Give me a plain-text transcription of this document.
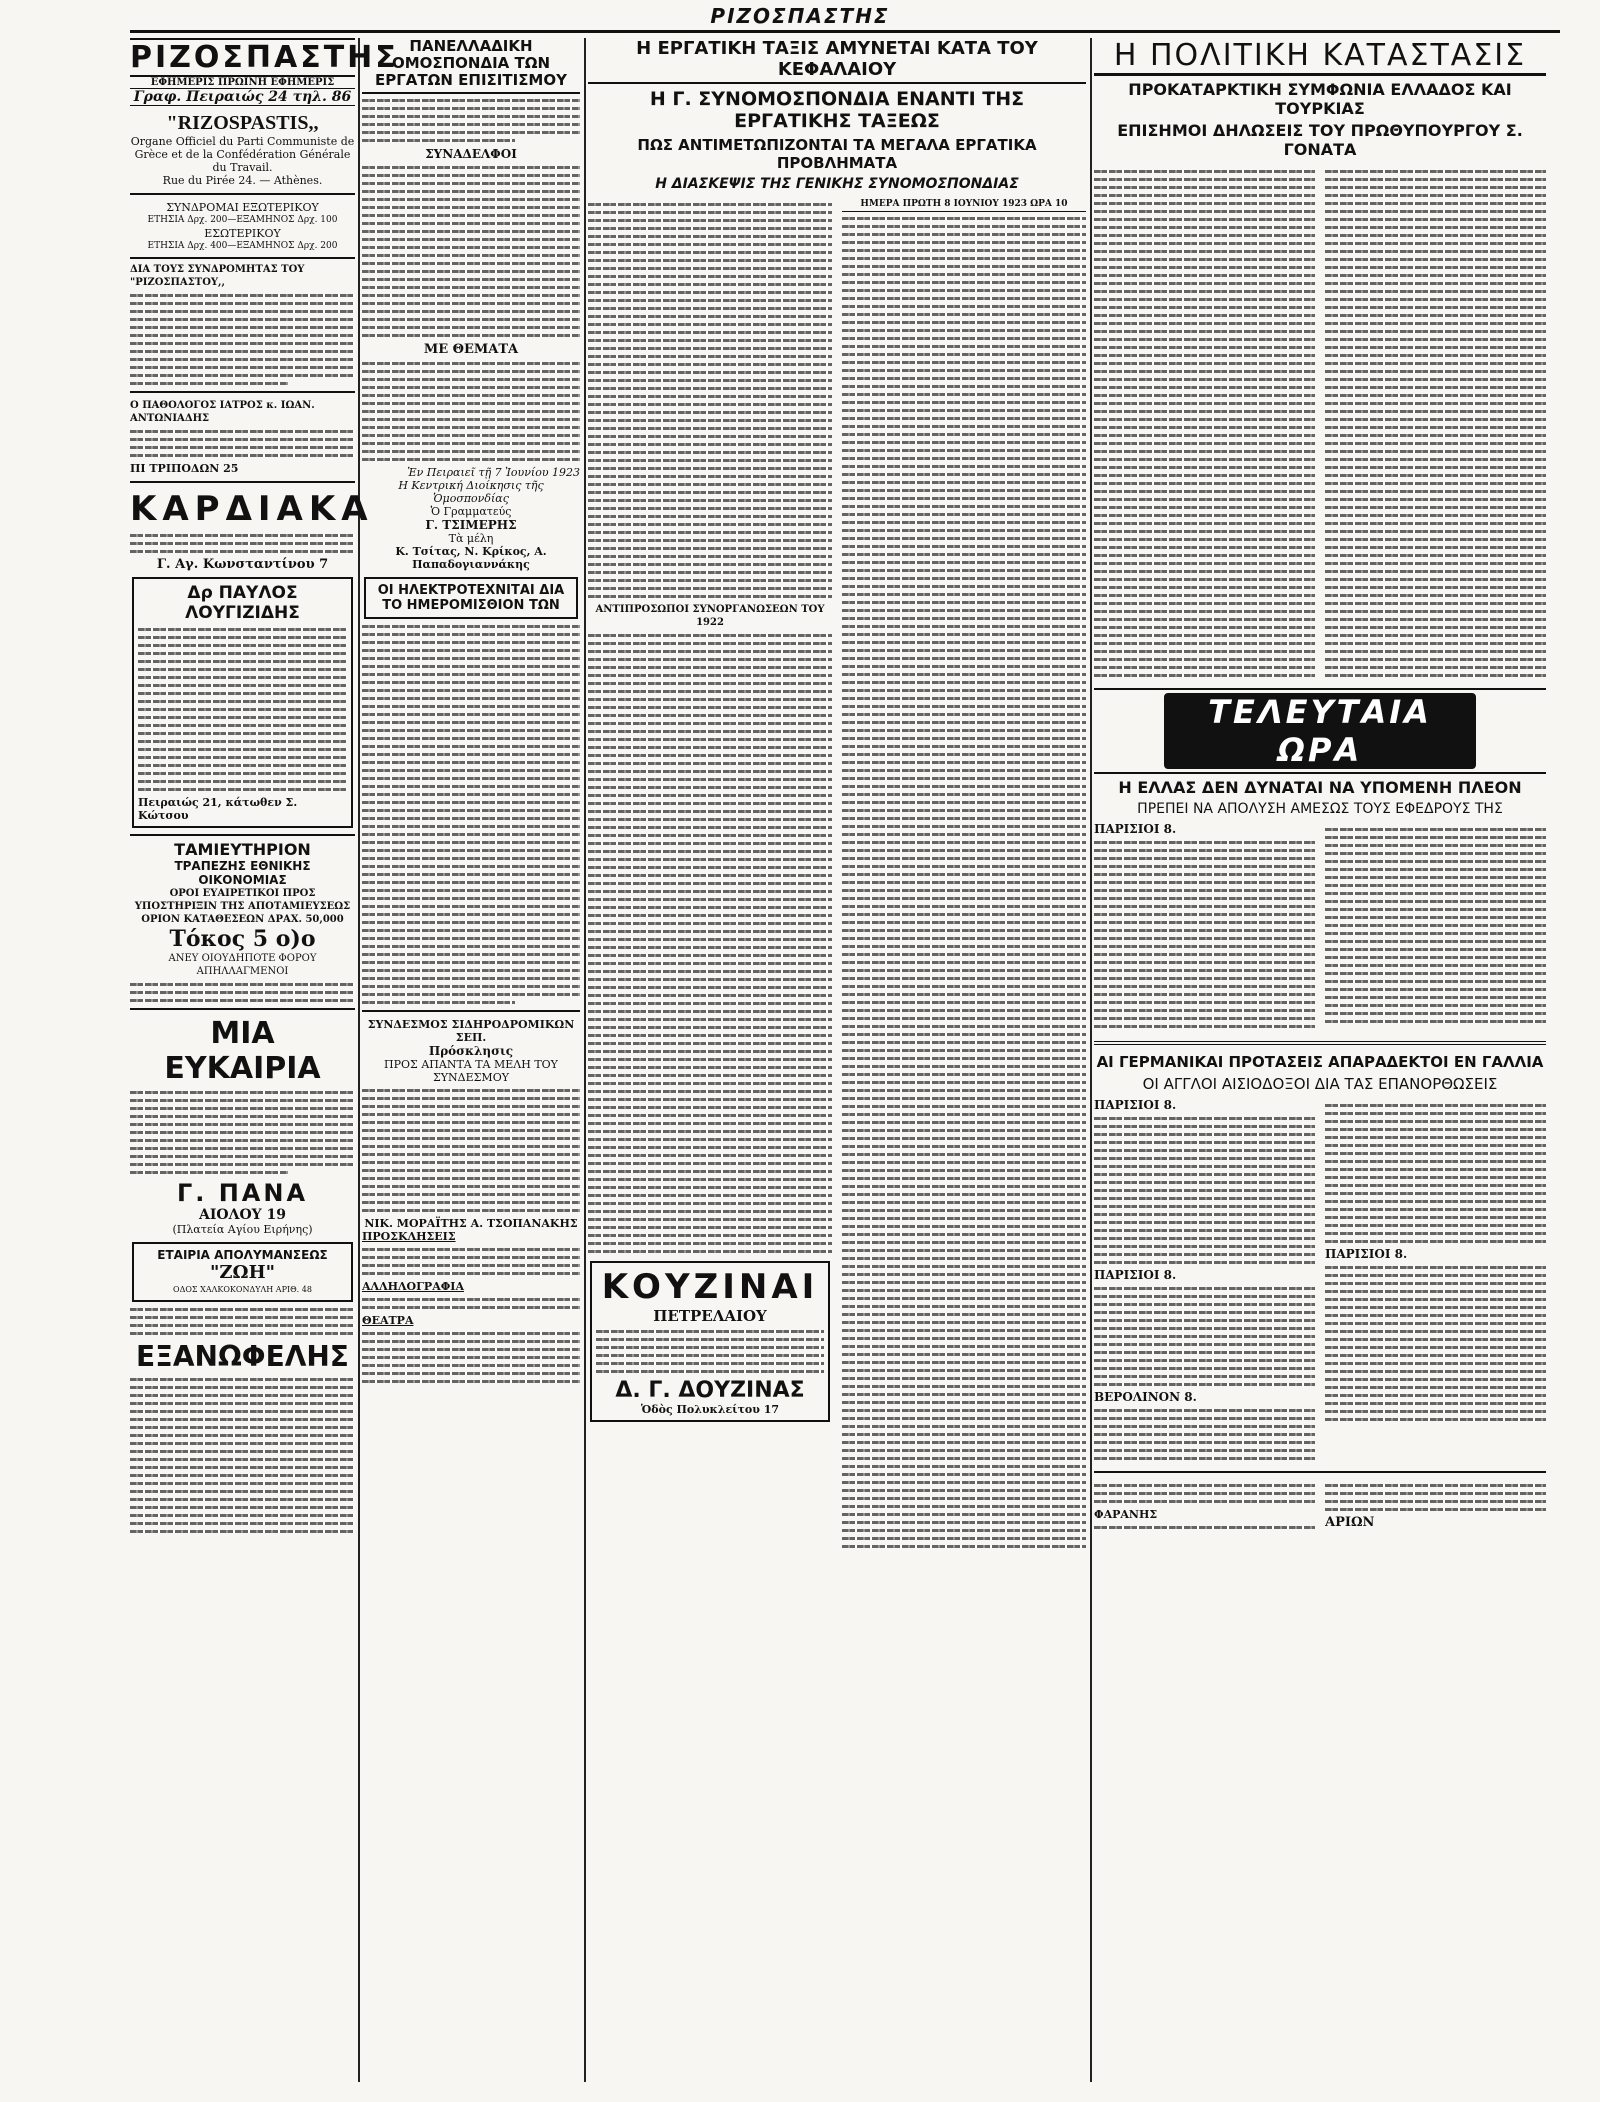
ΡΙΖΟΣΠΑΣΤΗΣ
ΡΙΖΟΣΠΑΣΤΗΣ
ΕΦΗΜΕΡΙΣ ΠΡΩΙΝΗ ΕΦΗΜΕΡΙΣ
Γραφ. Πειραιώς 24 τηλ. 86
"RIZOSPASTIS,,
Organe Officiel du Parti Communiste de Grèce et de la Confédération Générale du Travail.
Rue du Pirée 24. — Athènes.
ΣΥΝΔΡΟΜΑΙ ΕΞΩΤΕΡΙΚΟΥ
ΕΤΗΣΙΑ Δρχ. 200—ΕΞΑΜΗΝΟΣ Δρχ. 100
ΕΣΩΤΕΡΙΚΟΥ
ΕΤΗΣΙΑ Δρχ. 400—ΕΞΑΜΗΝΟΣ Δρχ. 200
ΔΙΑ ΤΟΥΣ ΣΥΝΔΡΟΜΗΤΑΣ ΤΟΥ "ΡΙΖΟΣΠΑΣΤΟΥ,,
Ο ΠΑΘΟΛΟΓΟΣ ΙΑΤΡΟΣ κ. ΙΩΑΝ. ΑΝΤΩΝΙΑΔΗΣ
ΠΙ ΤΡΙΠΟΔΩΝ 25
ΚΑΡΔΙΑΚΑ
Γ. Αγ. Κωνσταντίνου 7
Δρ ΠΑΥΛΟΣ ΛΟΥΓΙΖΙΔΗΣ
Πειραιώς 21, κάτωθεν Σ. Κώτσου
ΤΑΜΙΕΥΤΗΡΙΟΝ
ΤΡΑΠΕΖΗΣ ΕΘΝΙΚΗΣ ΟΙΚΟΝΟΜΙΑΣ
ΟΡΟΙ ΕΥΑΙΡΕΤΙΚΟΙ ΠΡΟΣ ΥΠΟΣΤΗΡΙΞΙΝ ΤΗΣ ΑΠΟΤΑΜΙΕΥΣΕΩΣ
ΟΡΙΟΝ ΚΑΤΑΘΕΣΕΩΝ ΔΡΑΧ. 50,000
Τόκος 5 ο)ο
ΑΝΕΥ ΟΙΟΥΔΗΠΟΤΕ ΦΟΡΟΥ ΑΠΗΛΛΑΓΜΕΝΟΙ
ΜΙΑ ΕΥΚΑΙΡΙΑ
Γ. ΠΑΝΑ
ΑΙΟΛΟΥ 19
(Πλατεία Αγίου Ειρήνης)
ΕΤΑΙΡΙΑ ΑΠΟΛΥΜΑΝΣΕΩΣ
"ΖΩΗ"
ΟΔΟΣ ΧΑΛΚΟΚΟΝΔΥΛΗ ΑΡΙΘ. 48
ΕΞΑΝΩΦΕΛΗΣ
ΠΑΝΕΛΛΑΔΙΚΗ ΟΜΟΣΠΟΝΔΙΑ ΤΩΝ ΕΡΓΑΤΩΝ ΕΠΙΣΙΤΙΣΜΟΥ
ΣΥΝΑΔΕΛΦΟΙ
ΜΕ ΘΕΜΑΤΑ
Ἐν Πειραιεῖ τῇ 7 Ἰουνίου 1923
Η Κεντρική Διοίκησις τῆς Ὁμοσπονδίας
Ὁ Γραμματεύς
Γ. ΤΣΙΜΕΡΗΣ
Τὰ μέλη
Κ. Τσίτας, Ν. Κρίκος, Α. Παπαδογιαννάκης
ΟΙ ΗΛΕΚΤΡΟΤΕΧΝΙΤΑΙ ΔΙΑ ΤΟ ΗΜΕΡΟΜΙΣΘΙΟΝ ΤΩΝ
ΣΥΝΔΕΣΜΟΣ ΣΙΔΗΡΟΔΡΟΜΙΚΩΝ ΣΕΠ.
Πρόσκλησις
ΠΡΟΣ ΑΠΑΝΤΑ ΤΑ ΜΕΛΗ ΤΟΥ ΣΥΝΔΕΣΜΟΥ
ΝΙΚ. ΜΟΡΑΪΤΗΣ Α. ΤΣΟΠΑΝΑΚΗΣ
ΠΡΟΣΚΛΗΣΕΙΣ
ΑΛΛΗΛΟΓΡΑΦΙΑ
ΘΕΑΤΡΑ
Η ΕΡΓΑΤΙΚΗ ΤΑΞΙΣ ΑΜΥΝΕΤΑΙ ΚΑΤΑ ΤΟΥ ΚΕΦΑΛΑΙΟΥ
Η Γ. ΣΥΝΟΜΟΣΠΟΝΔΙΑ ΕΝΑΝΤΙ ΤΗΣ ΕΡΓΑΤΙΚΗΣ ΤΑΞΕΩΣ
ΠΩΣ ΑΝΤΙΜΕΤΩΠΙΖΟΝΤΑΙ ΤΑ ΜΕΓΑΛΑ ΕΡΓΑΤΙΚΑ ΠΡΟΒΛΗΜΑΤΑ
Η ΔΙΑΣΚΕΨΙΣ ΤΗΣ ΓΕΝΙΚΗΣ ΣΥΝΟΜΟΣΠΟΝΔΙΑΣ
ΑΝΤΙΠΡΟΣΩΠΟΙ ΣΥΝΟΡΓΑΝΩΣΕΩΝ ΤΟΥ 1922
ΚΟΥΖΙΝΑΙ
ΠΕΤΡΕΛΑΙΟΥ
Δ. Γ. ΔΟΥΖΙΝΑΣ
Ὁδὸς Πολυκλείτου 17
ΗΜΕΡΑ ΠΡΩΤΗ 8 ΙΟΥΝΙΟΥ 1923 ΩΡΑ 10
Η ΠΟΛΙΤΙΚΗ ΚΑΤΑΣΤΑΣΙΣ
ΠΡΟΚΑΤΑΡΚΤΙΚΗ ΣΥΜΦΩΝΙΑ ΕΛΛΑΔΟΣ ΚΑΙ ΤΟΥΡΚΙΑΣ
ΕΠΙΣΗΜΟΙ ΔΗΛΩΣΕΙΣ ΤΟΥ ΠΡΩΘΥΠΟΥΡΓΟΥ Σ. ΓΟΝΑΤΑ
ΤΕΛΕΥΤΑΙΑ ΩΡΑ
Η ΕΛΛΑΣ ΔΕΝ ΔΥΝΑΤΑΙ ΝΑ ΥΠΟΜΕΝΗ ΠΛΕΟΝ
ΠΡΕΠΕΙ ΝΑ ΑΠΟΛΥΣΗ ΑΜΕΣΩΣ ΤΟΥΣ ΕΦΕΔΡΟΥΣ ΤΗΣ
ΠΑΡΙΣΙΟΙ 8.
ΑΙ ΓΕΡΜΑΝΙΚΑΙ ΠΡΟΤΑΣΕΙΣ ΑΠΑΡΑΔΕΚΤΟΙ ΕΝ ΓΑΛΛΙΑ
ΟΙ ΑΓΓΛΟΙ ΑΙΣΙΟΔΟΞΟΙ ΔΙΑ ΤΑΣ ΕΠΑΝΟΡΘΩΣΕΙΣ
ΠΑΡΙΣΙΟΙ 8.
ΠΑΡΙΣΙΟΙ 8.
ΒΕΡΟΛΙΝΟΝ 8.
ΠΑΡΙΣΙΟΙ 8.
ΦΑΡΑΝΗΣ
ΑΡΙΩΝ
